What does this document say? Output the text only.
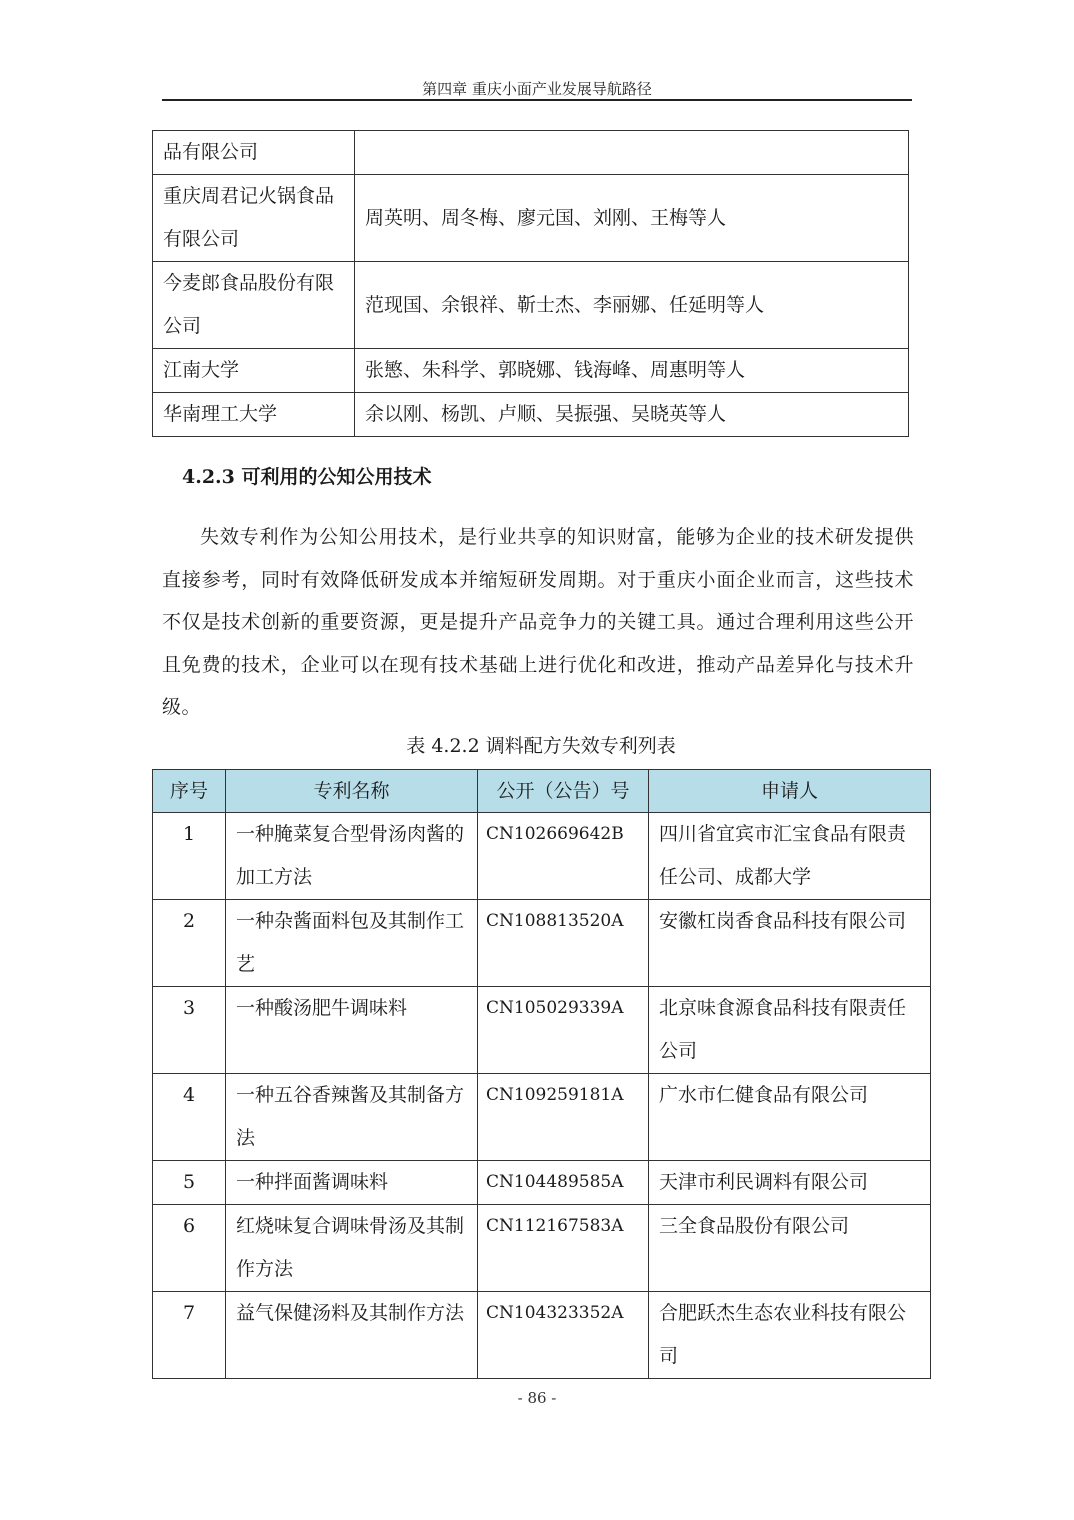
第四章 重庆小面产业发展导航路径
品有限公司	
重庆周君记火锅食品有限公司	周英明、周冬梅、廖元国、刘刚、王梅等人
今麦郎食品股份有限公司	范现国、余银祥、靳士杰、李丽娜、任延明等人
江南大学	张慜、朱科学、郭晓娜、钱海峰、周惠明等人
华南理工大学	余以刚、杨凯、卢顺、吴振强、吴晓英等人
4.2.3 可利用的公知公用技术
失效专利作为公知公用技术，是行业共享的知识财富，能够为企业的技术研发提供直接参考，同时有效降低研发成本并缩短研发周期。对于重庆小面企业而言，这些技术不仅是技术创新的重要资源，更是提升产品竞争力的关键工具。通过合理利用这些公开且免费的技术，企业可以在现有技术基础上进行优化和改进，推动产品差异化与技术升级。
表 4.2.2 调料配方失效专利列表
序号	专利名称	公开（公告）号	申请人
1	一种腌菜复合型骨汤肉酱的加工方法	CN102669642B	四川省宜宾市汇宝食品有限责任公司、成都大学
2	一种杂酱面料包及其制作工艺	CN108813520A	安徽杠岗香食品科技有限公司
3	一种酸汤肥牛调味料	CN105029339A	北京味食源食品科技有限责任公司
4	一种五谷香辣酱及其制备方法	CN109259181A	广水市仁健食品有限公司
5	一种拌面酱调味料	CN104489585A	天津市利民调料有限公司
6	红烧味复合调味骨汤及其制作方法	CN112167583A	三全食品股份有限公司
7	益气保健汤料及其制作方法	CN104323352A	合肥跃杰生态农业科技有限公司
- 86 -
